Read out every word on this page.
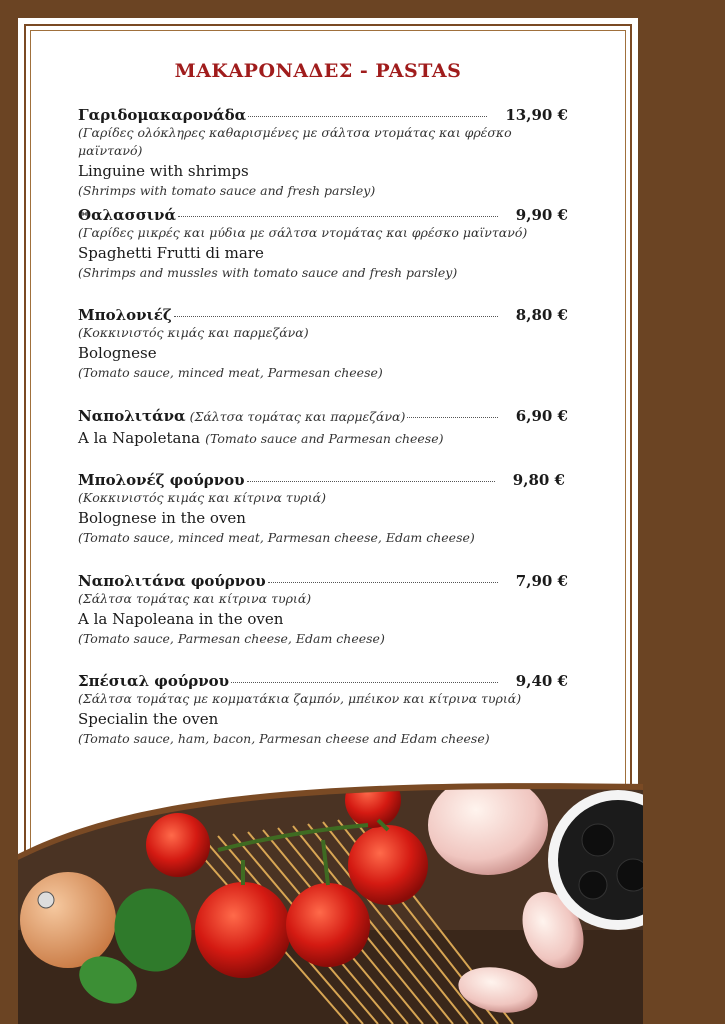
ΜΑΚΑΡΟΝΑΔΕΣ - PASTAS
Γαριδομακαρονάδα	13,90 €
(Γαρίδες ολόκληρες καθαρισμένες με σάλτσα ντομάτας και φρέσκο μαϊντανό)
Linguine with shrimps
(Shrimps with tomato sauce and fresh parsley)
Θαλασσινά	9,90 €
(Γαρίδες μικρές και μύδια με σάλτσα ντομάτας και φρέσκο μαϊντανό)
Spaghetti Frutti di mare
(Shrimps and mussles with tomato sauce and fresh parsley)
Μπολονιέζ	8,80 €
(Κοκκινιστός κιμάς και παρμεζάνα)
Bolognese
(Tomato sauce, minced meat, Parmesan cheese)
Ναπολιτάνα (Σάλτσα τομάτας και παρμεζάνα)	6,90 €
A la Napoletana (Tomato sauce and Parmesan cheese)
Μπολονέζ φούρνου	9,80 €
(Κοκκινιστός κιμάς και κίτρινα τυριά)
Bolognese in the oven
(Tomato sauce, minced meat, Parmesan cheese, Edam cheese)
Ναπολιτάνα φούρνου	7,90 €
(Σάλτσα τομάτας και κίτρινα τυριά)
A la Napoleana in the oven
(Tomato sauce, Parmesan cheese, Edam cheese)
Σπέσιαλ φούρνου	9,40 €
(Σάλτσα τομάτας με κομματάκια ζαμπόν, μπέικον και κίτρινα τυριά)
Specialin the oven
(Tomato sauce, ham, bacon, Parmesan cheese and Edam cheese)
